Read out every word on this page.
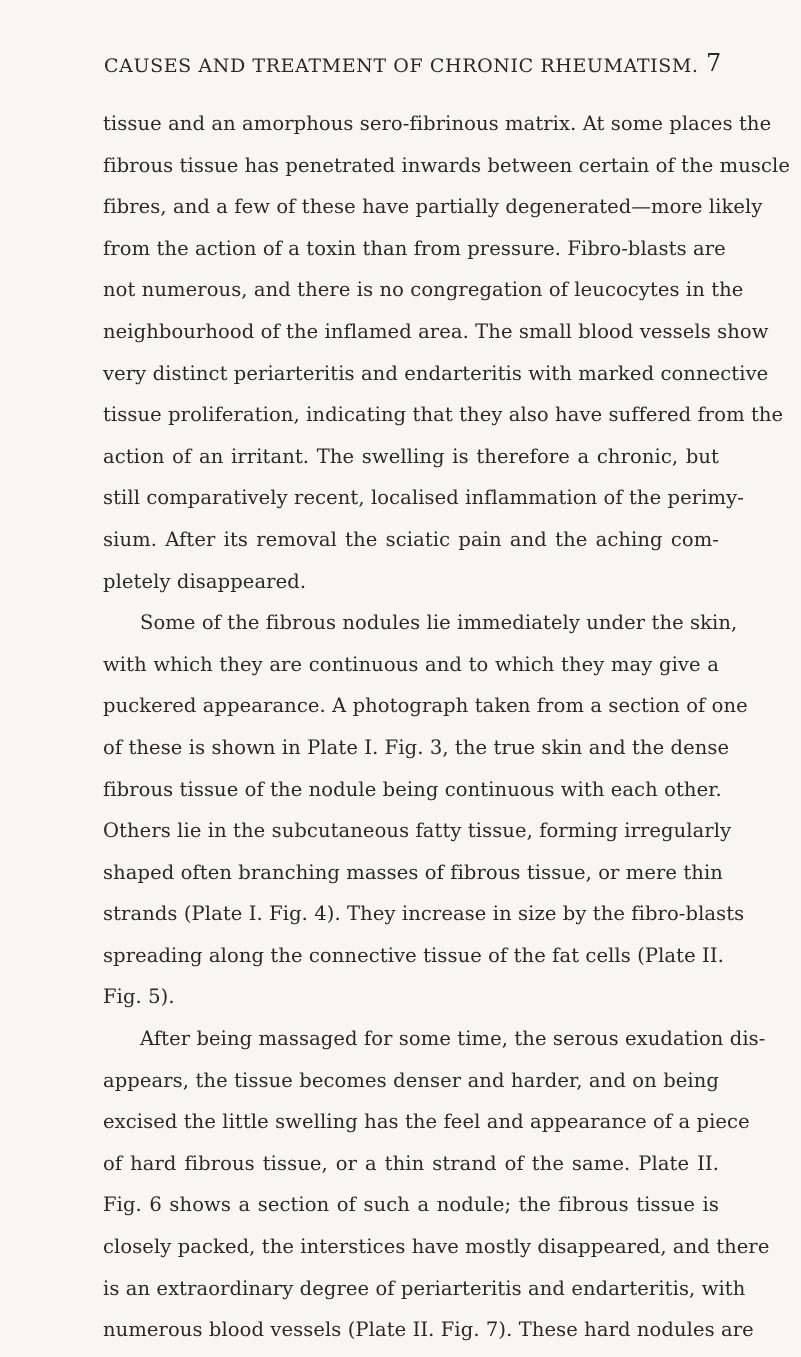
CAUSES AND TREATMENT OF CHRONIC RHEUMATISM. 7
tissue and an amorphous sero-fibrinous matrix. At some places the
fibrous tissue has penetrated inwards between certain of the muscle
fibres, and a few of these have partially degenerated—more likely
from the action of a toxin than from pressure. Fibro-blasts are
not numerous, and there is no congregation of leucocytes in the
neighbourhood of the inflamed area. The small blood vessels show
very distinct periarteritis and endarteritis with marked connective
tissue proliferation, indicating that they also have suffered from the
action of an irritant. The swelling is therefore a chronic, but
still comparatively recent, localised inflammation of the perimy-
sium. After its removal the sciatic pain and the aching com-
pletely disappeared.
Some of the fibrous nodules lie immediately under the skin,
with which they are continuous and to which they may give a
puckered appearance. A photograph taken from a section of one
of these is shown in Plate I. Fig. 3, the true skin and the dense
fibrous tissue of the nodule being continuous with each other.
Others lie in the subcutaneous fatty tissue, forming irregularly
shaped often branching masses of fibrous tissue, or mere thin
strands (Plate I. Fig. 4). They increase in size by the fibro-blasts
spreading along the connective tissue of the fat cells (Plate II.
Fig. 5).
After being massaged for some time, the serous exudation dis-
appears, the tissue becomes denser and harder, and on being
excised the little swelling has the feel and appearance of a piece
of hard fibrous tissue, or a thin strand of the same. Plate II.
Fig. 6 shows a section of such a nodule; the fibrous tissue is
closely packed, the interstices have mostly disappeared, and there
is an extraordinary degree of periarteritis and endarteritis, with
numerous blood vessels (Plate II. Fig. 7). These hard nodules are
